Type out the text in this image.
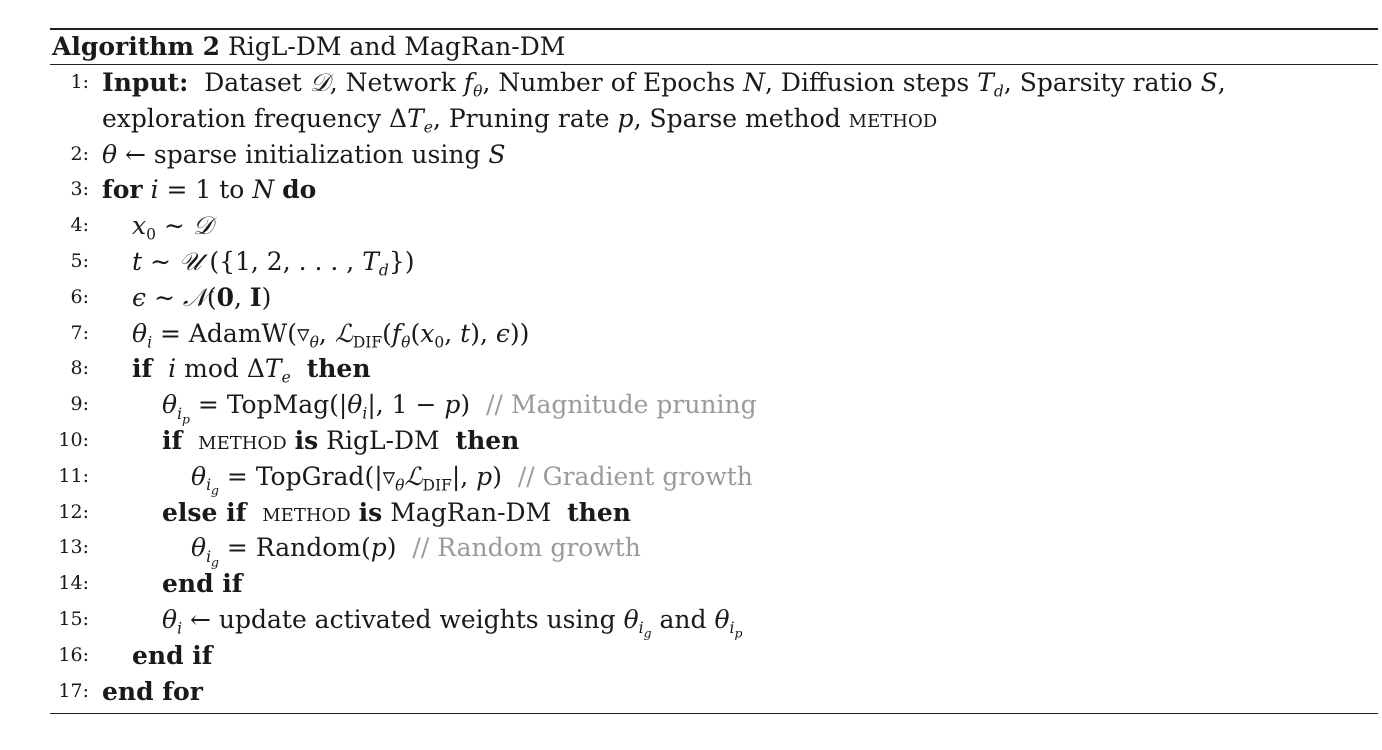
Algorithm 2 RigL-DM and MagRan-DM
1: Input: Dataset 𝒟, Network $f_\theta$, Number of Epochs N, Diffusion steps $T_d$, Sparsity ratio S,
exploration frequency $\Delta T_e$, Pruning rate p, Sparse method method
2: θ ← sparse initialization using S
3: for i = 1 to N do
4: $x_0$ ∼ 𝒟
5: t ∼ 𝒰 ({1, 2, . . . , $T_d$})
6: ϵ ∼ 𝒩(0, I)
7: $\theta_i$ = $AdamW(▿_\theta$, $ℒ_{DIF}(f_\theta(x_0$, t), ϵ))
8: if i mod $\Delta T_e$ then
9:	$\theta_{i_p}$ = $TopMag(|\theta_i|$, 1 − p)  // Magnitude pruning
10:	if method is RigL-DM then
11:	$\theta_{i_g}$ = $TopGrad(|▿_\theta ℒ_{DIF}|$, p)  // Gradient growth
12:	else if method is MagRan-DM then
13:	$\theta_{i_g}$ = Random(p)  // Random growth
14:	end if
15:	$\theta_i$ ← update activated weights using $\theta_{i_g}$ and $\theta_{i_p}$
16: end if
17: end for
